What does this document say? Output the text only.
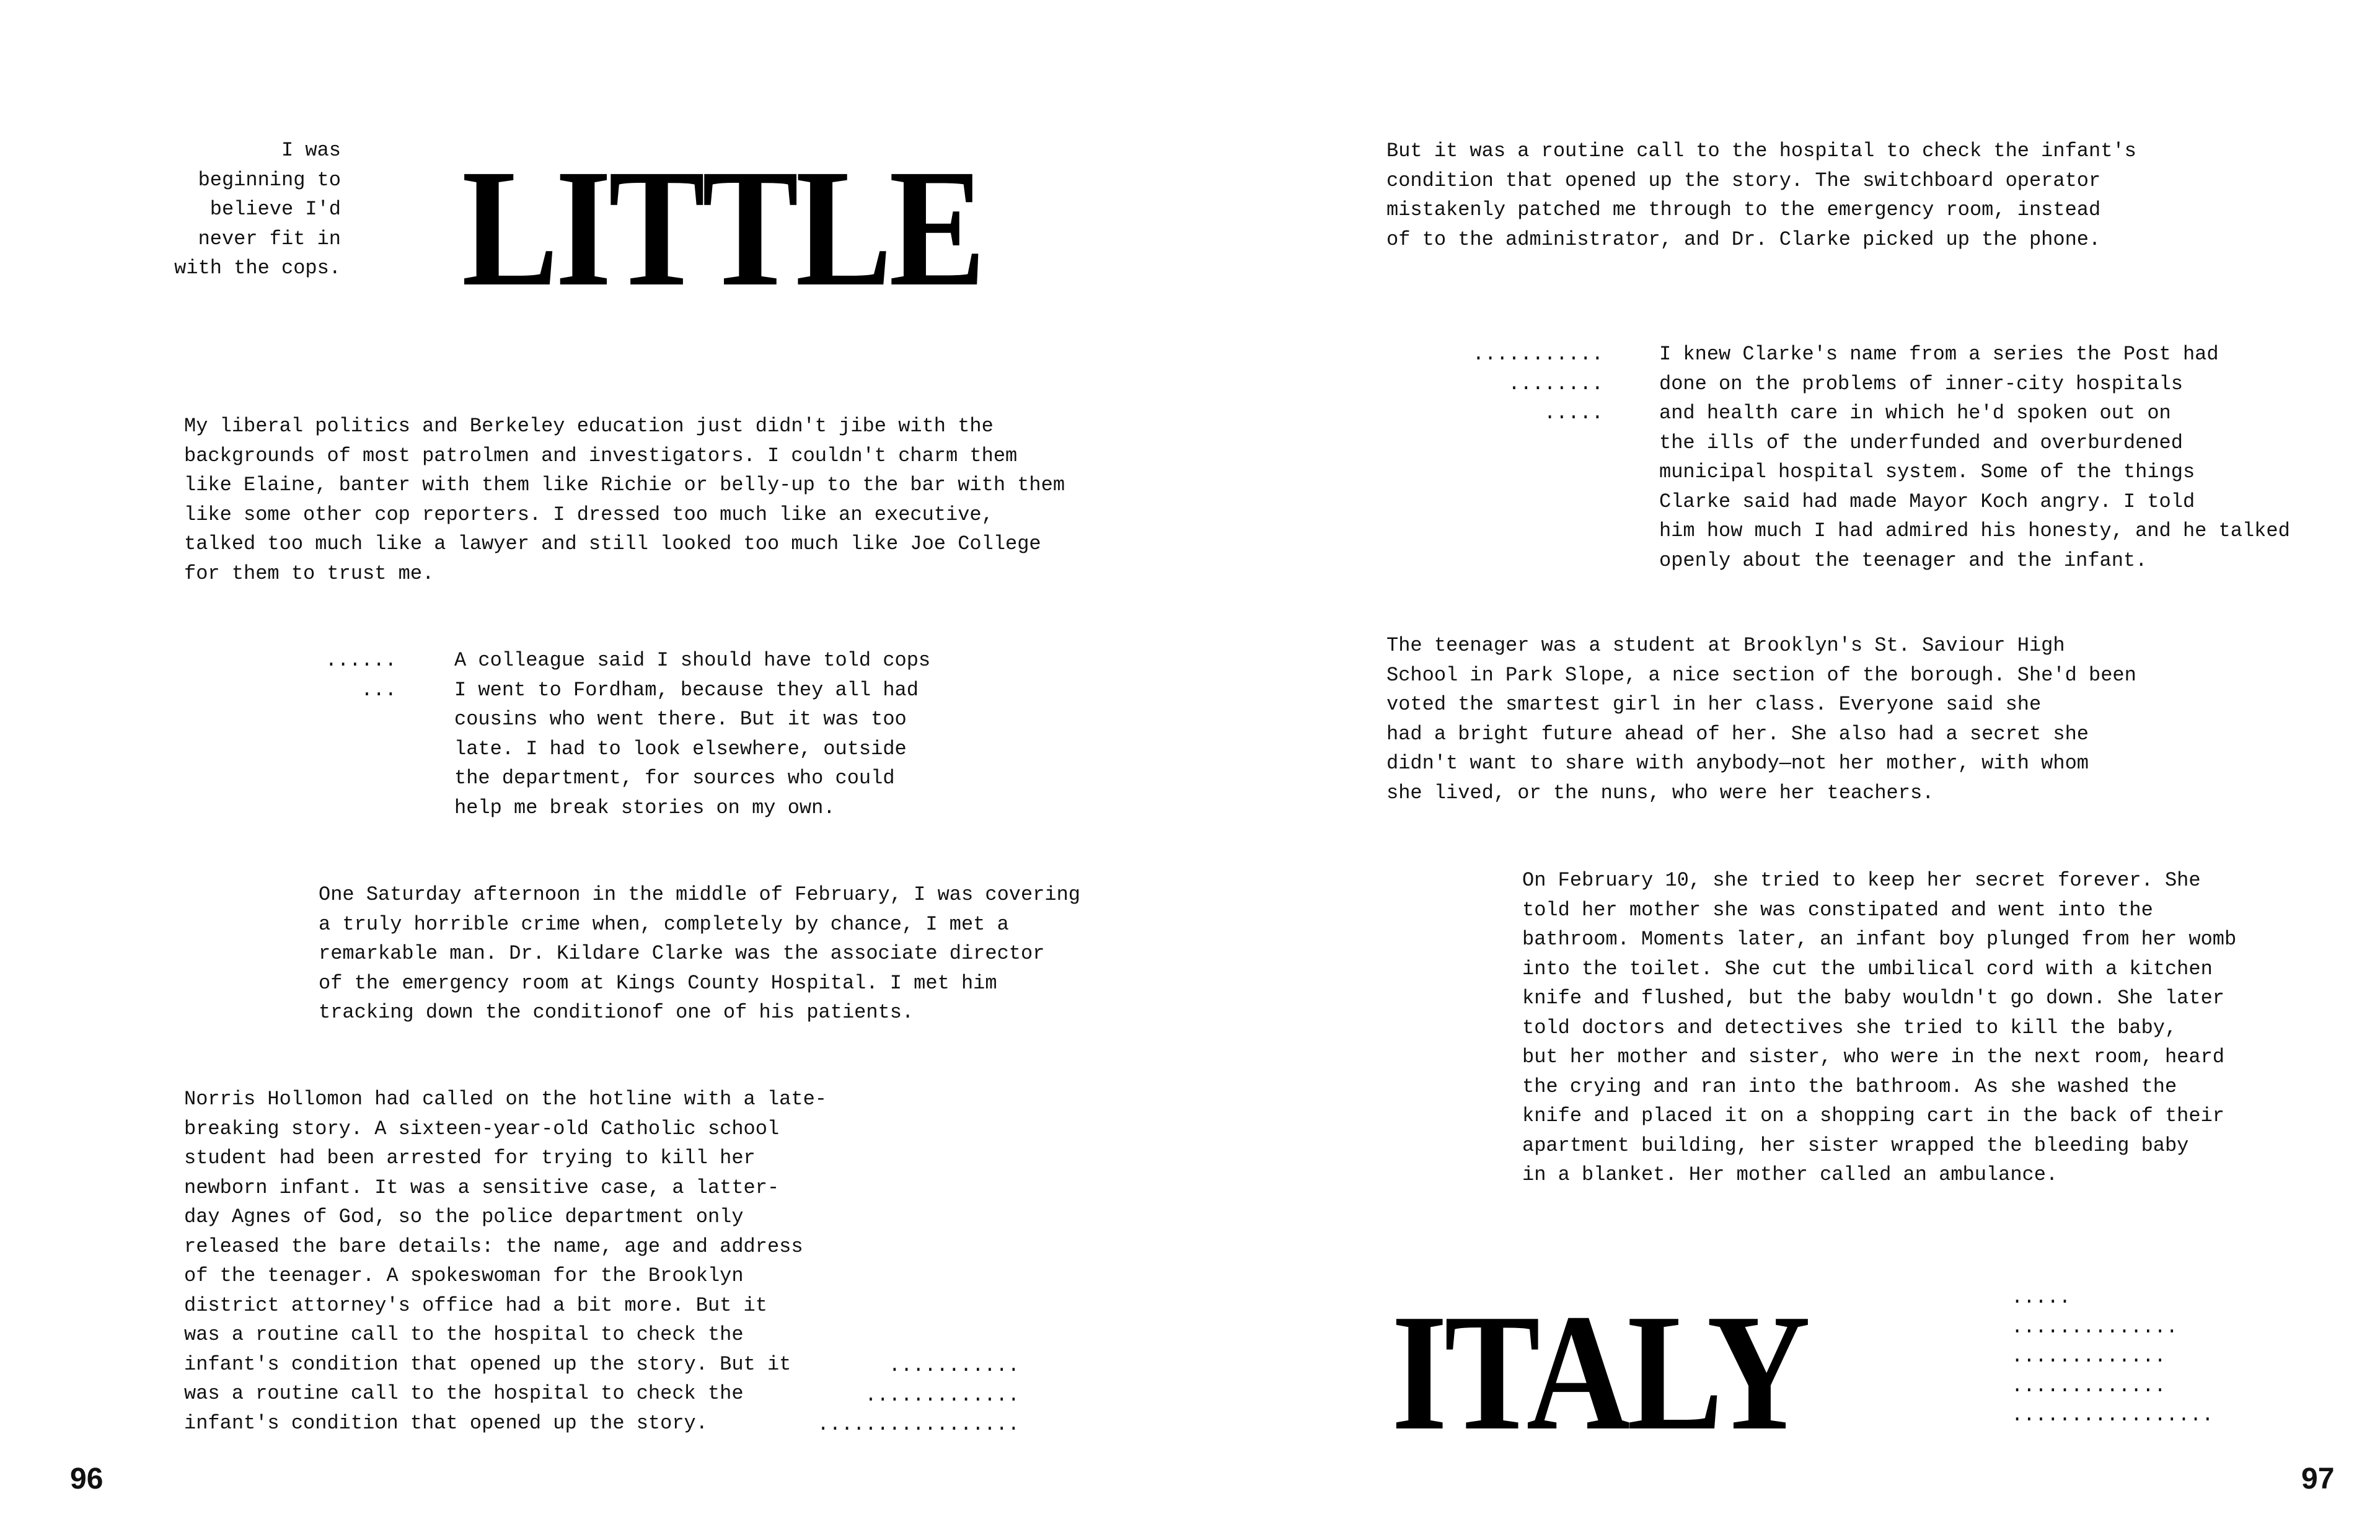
I was
beginning to
believe I'd
never fit in
with the cops. LITTLE
My liberal politics and Berkeley education just didn't jibe with the
backgrounds of most patrolmen and investigators. I couldn't charm them
like Elaine, banter with them like Richie or belly-up to the bar with them
like some other cop reporters. I dressed too much like an executive,
talked too much like a lawyer and still looked too much like Joe College
for them to trust me.
......
...
A colleague said I should have told cops
I went to Fordham, because they all had
cousins who went there. But it was too
late. I had to look elsewhere, outside
the department, for sources who could
help me break stories on my own.
One Saturday afternoon in the middle of February, I was covering
a truly horrible crime when, completely by chance, I met a
remarkable man. Dr. Kildare Clarke was the associate director
of the emergency room at Kings County Hospital. I met him
tracking down the conditionof one of his patients.
Norris Hollomon had called on the hotline with a late-
breaking story. A sixteen-year-old Catholic school
student had been arrested for trying to kill her
newborn infant. It was a sensitive case, a latter-
day Agnes of God, so the police department only
released the bare details: the name, age and address
of the teenager. A spokeswoman for the Brooklyn
district attorney's office had a bit more. But it
was a routine call to the hospital to check the
infant's condition that opened up the story. But it
was a routine call to the hospital to check the
infant's condition that opened up the story.
...........
.............
.................
96
But it was a routine call to the hospital to check the infant's
condition that opened up the story. The switchboard operator
mistakenly patched me through to the emergency room, instead
of to the administrator, and Dr. Clarke picked up the phone.
...........
........
.....
I knew Clarke's name from a series the Post had
done on the problems of inner-city hospitals
and health care in which he'd spoken out on
the ills of the underfunded and overburdened
municipal hospital system. Some of the things
Clarke said had made Mayor Koch angry. I told
him how much I had admired his honesty, and he talked
openly about the teenager and the infant.
The teenager was a student at Brooklyn's St. Saviour High
School in Park Slope, a nice section of the borough. She'd been
voted the smartest girl in her class. Everyone said she
had a bright future ahead of her. She also had a secret she
didn't want to share with anybody—not her mother, with whom
she lived, or the nuns, who were her teachers.
On February 10, she tried to keep her secret forever. She
told her mother she was constipated and went into the
bathroom. Moments later, an infant boy plunged from her womb
into the toilet. She cut the umbilical cord with a kitchen
knife and flushed, but the baby wouldn't go down. She later
told doctors and detectives she tried to kill the baby,
but her mother and sister, who were in the next room, heard
the crying and ran into the bathroom. As she washed the
knife and placed it on a shopping cart in the back of their
apartment building, her sister wrapped the bleeding baby
in a blanket. Her mother called an ambulance.
ITALY	.....
..............
.............
.............
.................
97
